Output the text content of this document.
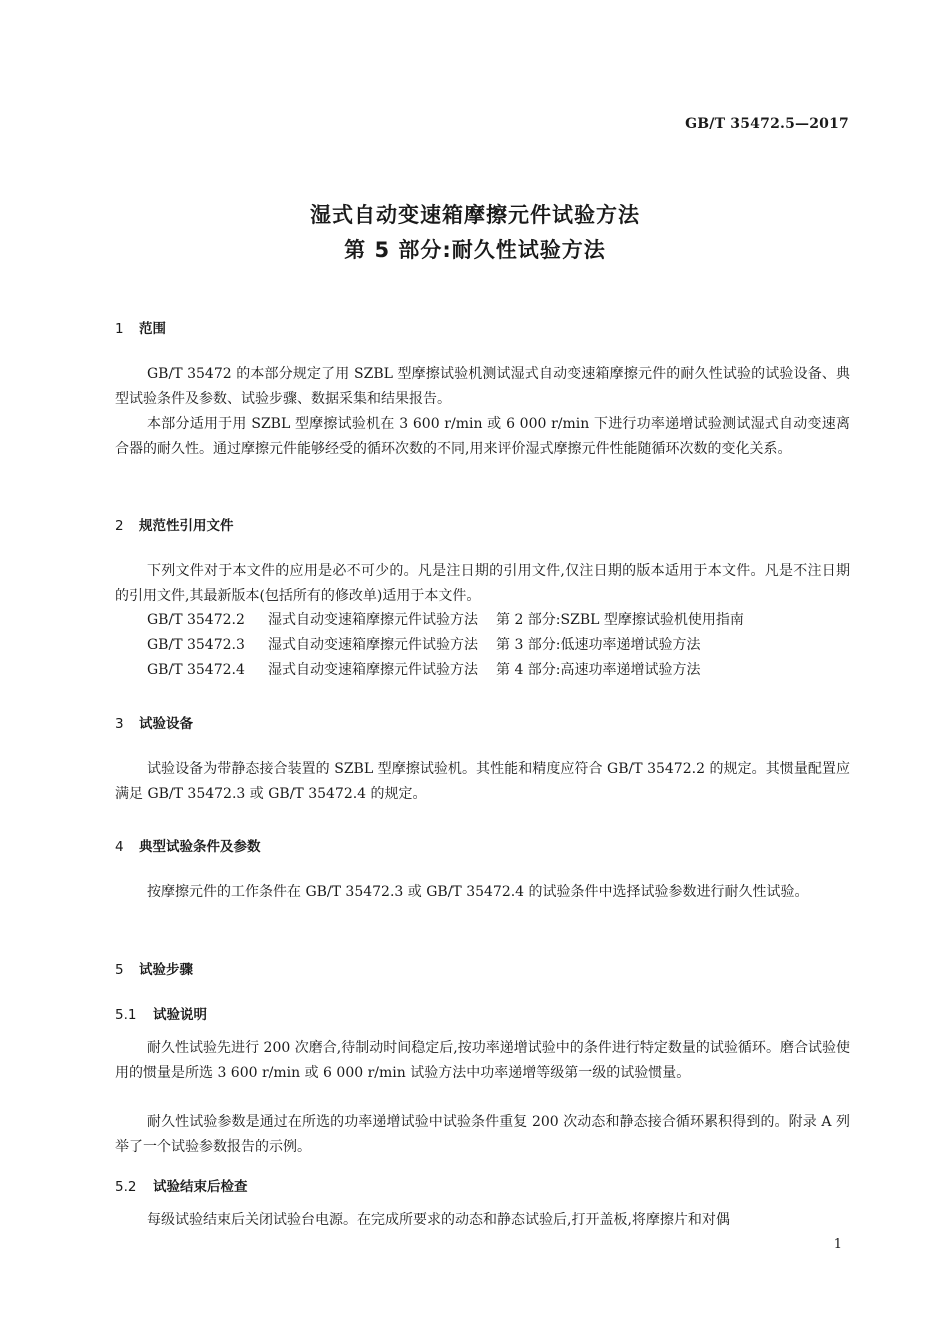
GB/T 35472.5—2017
湿式自动变速箱摩擦元件试验方法
第 5 部分:耐久性试验方法
1 范围
GB/T 35472 的本部分规定了用 SZBL 型摩擦试验机测试湿式自动变速箱摩擦元件的耐久性试验的试验设备、典型试验条件及参数、试验步骤、数据采集和结果报告。
本部分适用于用 SZBL 型摩擦试验机在 3 600 r/min 或 6 000 r/min 下进行功率递增试验测试湿式自动变速离合器的耐久性。通过摩擦元件能够经受的循环次数的不同,用来评价湿式摩擦元件性能随循环次数的变化关系。
2 规范性引用文件
下列文件对于本文件的应用是必不可少的。凡是注日期的引用文件,仅注日期的版本适用于本文件。凡是不注日期的引用文件,其最新版本(包括所有的修改单)适用于本文件。
GB/T 35472.2 湿式自动变速箱摩擦元件试验方法 第 2 部分:SZBL 型摩擦试验机使用指南
GB/T 35472.3 湿式自动变速箱摩擦元件试验方法 第 3 部分:低速功率递增试验方法
GB/T 35472.4 湿式自动变速箱摩擦元件试验方法 第 4 部分:高速功率递增试验方法
3 试验设备
试验设备为带静态接合装置的 SZBL 型摩擦试验机。其性能和精度应符合 GB/T 35472.2 的规定。其惯量配置应满足 GB/T 35472.3 或 GB/T 35472.4 的规定。
4 典型试验条件及参数
按摩擦元件的工作条件在 GB/T 35472.3 或 GB/T 35472.4 的试验条件中选择试验参数进行耐久性试验。
5 试验步骤
5.1 试验说明
耐久性试验先进行 200 次磨合,待制动时间稳定后,按功率递增试验中的条件进行特定数量的试验循环。磨合试验使用的惯量是所选 3 600 r/min 或 6 000 r/min 试验方法中功率递增等级第一级的试验惯量。
耐久性试验参数是通过在所选的功率递增试验中试验条件重复 200 次动态和静态接合循环累积得到的。附录 A 列举了一个试验参数报告的示例。
5.2 试验结束后检查
每级试验结束后关闭试验台电源。在完成所要求的动态和静态试验后,打开盖板,将摩擦片和对偶
1
